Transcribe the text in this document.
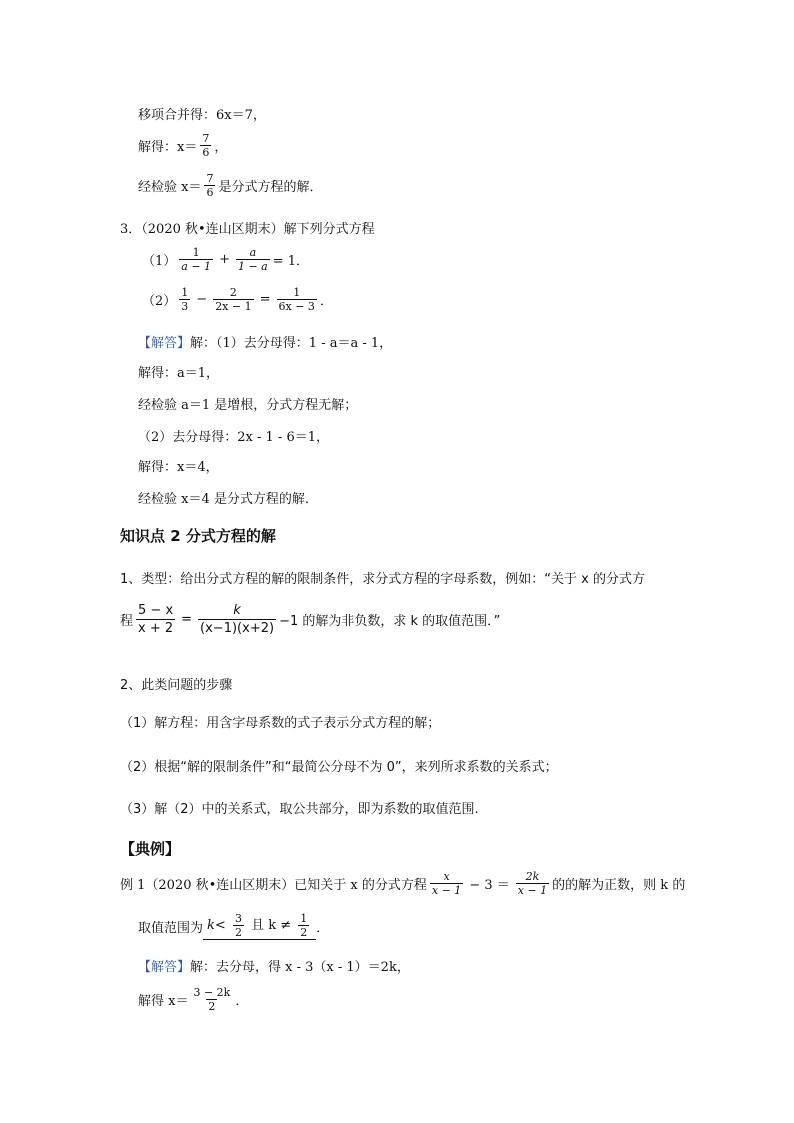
移项合并得：6x＝7，
解得：$x= \frac{7}{6}$ ，
经检验 $x= \frac{7}{6}$ 是分式方程的解．
3．（2020 秋•连山区期末）解下列分式方程
$(1) \frac{1}{a - 1} + \frac{a}{1 - a} = 1$．
$(2) \frac{1}{3} - \frac{2}{2x - 1} = \frac{1}{6x - 3}$ ．
【解答】 解：（1）去分母得：1 - a＝a - 1，
解得：a＝1，
经检验 a＝1 是增根，分式方程无解；
（2）去分母得：2x - 1 - 6＝1，
解得：x＝4，
经检验 x＝4 是分式方程的解．
知识点 2 分式方程的解
1、类型：给出分式方程的解的限制条件，求分式方程的字母系数，例如：“关于 x 的分式方
程 $\frac{5 - x}{x + 2} = \frac{k}{(x-1)(x+2)} -1$ 的解为非负数，求 k 的取值范围．”
2、此类问题的步骤
（1）解方程：用含字母系数的式子表示分式方程的解；
（2）根据“解的限制条件”和“最简公分母不为 0”，来列所求系数的关系式；
（3）解（2）中的关系式，取公共部分，即为系数的取值范围.
【典例】
例 1（2020 秋•连山区期末）已知关于 x 的分式方程 $\frac{x}{x - 1} - 3 = \frac{2k}{x - 1}$ 的的解为正数，则 k 的
取值范围为 $k< \frac{3}{2}$ 且 $k \ne \frac{1}{2}$ ．
【解答】 解：去分母，得 x - 3（x - 1）＝2k，
解得 $x= \frac{3 - 2k}{2}$ ．
